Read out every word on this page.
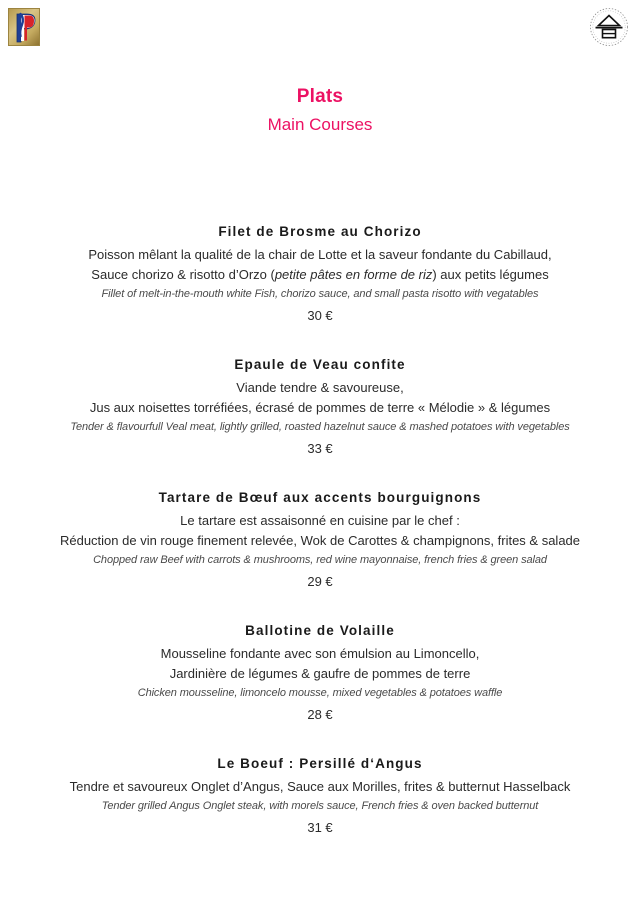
Plats
Main Courses
Filet de Brosme au Chorizo
Poisson mêlant la qualité de la chair de Lotte et la saveur fondante du Cabillaud,
Sauce chorizo & risotto d’Orzo (petite pâtes en forme de riz) aux petits légumes
Fillet of melt-in-the-mouth white Fish, chorizo sauce, and small pasta risotto with vegatables
30 €
Epaule de Veau confite
Viande tendre & savoureuse,
Jus aux noisettes torréfiées, écrasé de pommes de terre « Mélodie » & légumes
Tender & flavourfull Veal meat, lightly grilled, roasted hazelnut sauce & mashed potatoes with vegetables
33 €
Tartare de Bœuf aux accents bourguignons
Le tartare est assaisonné en cuisine par le chef :
Réduction de vin rouge finement relevée, Wok de Carottes & champignons, frites & salade
Chopped raw Beef with carrots & mushrooms, red wine mayonnaise, french fries & green salad
29 €
Ballotine de Volaille
Mousseline fondante avec son émulsion au Limoncello,
Jardinière de légumes & gaufre de pommes de terre
Chicken mousseline, limoncelo mousse, mixed vegetables & potatoes waffle
28 €
Le Boeuf : Persillé d‘Angus
Tendre et savoureux Onglet d’Angus, Sauce aux Morilles, frites & butternut Hasselback
Tender grilled Angus Onglet steak, with morels sauce, French fries & oven backed butternut
31 €
